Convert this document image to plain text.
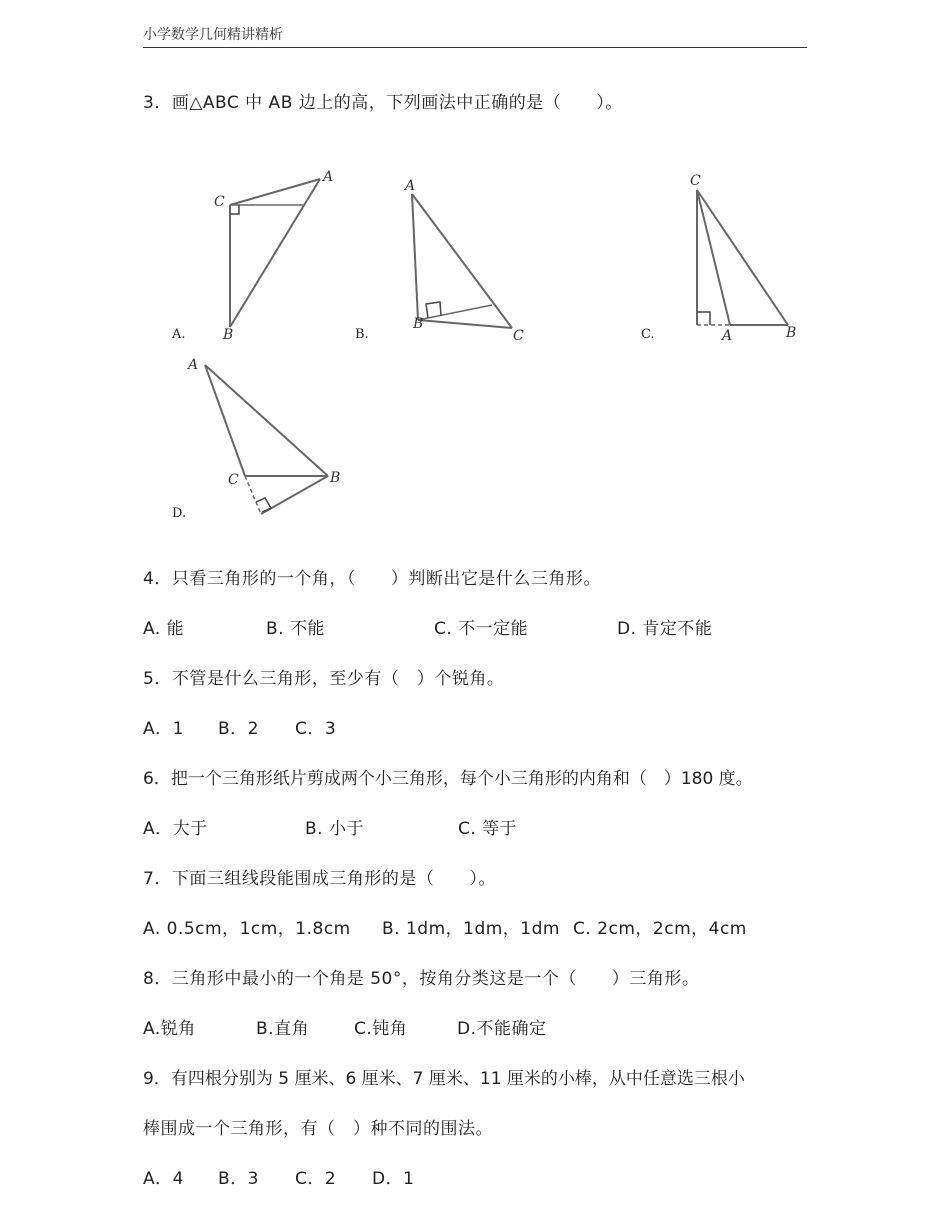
小学数学几何精讲精析
3．画△ABC 中 AB 边上的高，下列画法中正确的是（　　）。
A.
C
A
B	B.
A
B
C	C.
C
A	B
D.
A
C	B
4．只看三角形的一个角，（　　）判断出它是什么三角形。
A. 能	B. 不能	C. 不一定能	D. 肯定不能
5．不管是什么三角形，至少有（　）个锐角。
A．1 B．2 C．3
6．把一个三角形纸片剪成两个小三角形，每个小三角形的内角和（　）180 度。
A．大于	B. 小于	C. 等于
7．下面三组线段能围成三角形的是（　　）。
A. 0.5cm，1cm，1.8cm B. 1dm，1dm，1dm C. 2cm，2cm，4cm
8．三角形中最小的一个角是 50°，按角分类这是一个（　　）三角形。
A.锐角	B.直角	C.钝角	D.不能确定
9．有四根分别为 5 厘米、6 厘米、7 厘米、11 厘米的小棒，从中任意选三根小
棒围成一个三角形，有（　）种不同的围法。
A．4 B．3 C．2 D．1
